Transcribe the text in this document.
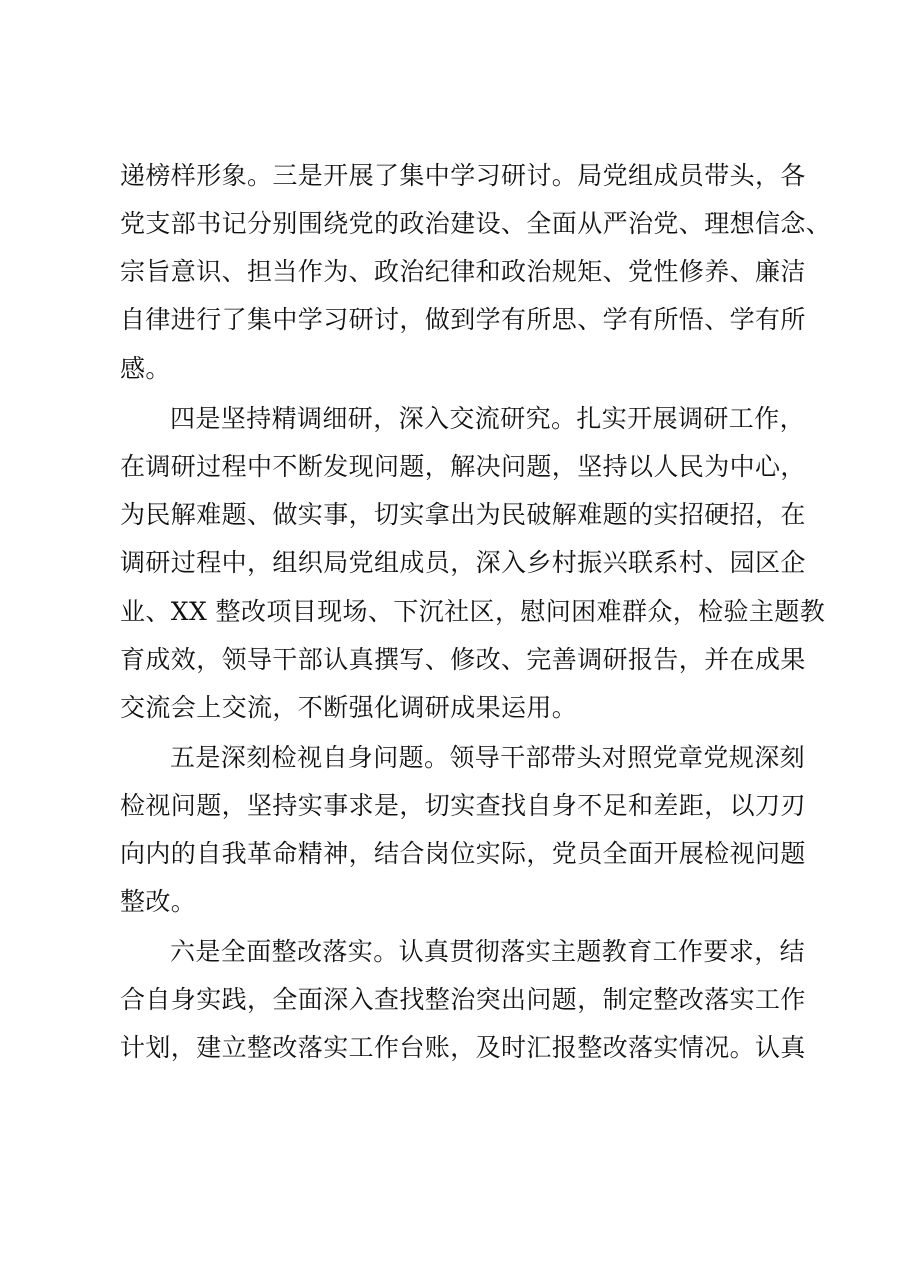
递榜样形象。三是开展了集中学习研讨。局党组成员带头，各
党支部书记分别围绕党的政治建设、全面从严治党、理想信念、
宗旨意识、担当作为、政治纪律和政治规矩、党性修养、廉洁
自律进行了集中学习研讨，做到学有所思、学有所悟、学有所
感。
四是坚持精调细研，深入交流研究。扎实开展调研工作，
在调研过程中不断发现问题，解决问题，坚持以人民为中心，
为民解难题、做实事，切实拿出为民破解难题的实招硬招，在
调研过程中，组织局党组成员，深入乡村振兴联系村、园区企
业、XX 整改项目现场、下沉社区，慰问困难群众，检验主题教
育成效，领导干部认真撰写、修改、完善调研报告，并在成果
交流会上交流，不断强化调研成果运用。
五是深刻检视自身问题。领导干部带头对照党章党规深刻
检视问题，坚持实事求是，切实查找自身不足和差距，以刀刃
向内的自我革命精神，结合岗位实际，党员全面开展检视问题
整改。
六是全面整改落实。认真贯彻落实主题教育工作要求，结
合自身实践，全面深入查找整治突出问题，制定整改落实工作
计划，建立整改落实工作台账，及时汇报整改落实情况。认真
